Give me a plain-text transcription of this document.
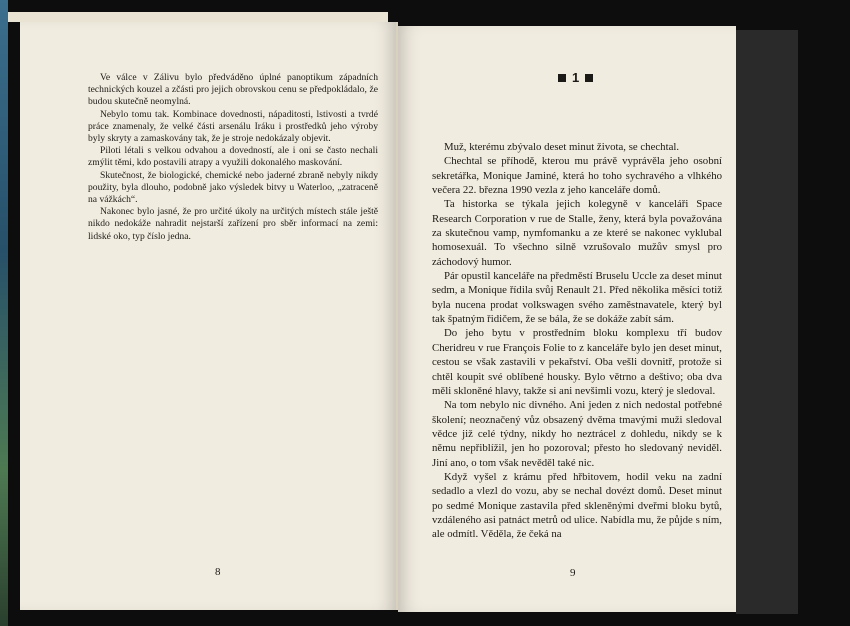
Ve válce v Zálivu bylo předváděno úplné panoptikum západních technických kouzel a zčásti pro jejich obrovskou cenu se předpokládalo, že budou skutečně neomylná.

Nebylo tomu tak. Kombinace dovednosti, nápaditosti, lstivosti a tvrdé práce znamenaly, že velké části arsenálu Iráku i prostředků jeho výroby byly skryty a zamaskovány tak, že je stroje nedokázaly objevit.

Piloti létali s velkou odvahou a dovedností, ale i oni se často nechali zmýlit těmi, kdo postavili atrapy a využili dokonalého maskování.

Skutečnost, že biologické, chemické nebo jaderné zbraně nebyly nikdy použity, byla dlouho, podobně jako výsledek bitvy u Waterloo, „zatraceně na vážkách“.

Nakonec bylo jasné, že pro určité úkoly na určitých místech stále ještě nikdo nedokáže nahradit nejstarší zařízení pro sběr informací na zemi: lidské oko, typ číslo jedna.

8
1

Muž, kterému zbývalo deset minut života, se chechtal.

Chechtal se příhodě, kterou mu právě vyprávěla jeho osobní sekretářka, Monique Jaminé, která ho toho sychravého a vlhkého večera 22. března 1990 vezla z jeho kanceláře domů.

Ta historka se týkala jejich kolegyně v kanceláři Space Research Corporation v rue de Stalle, ženy, která byla považována za skutečnou vamp, nymfomanku a ze které se nakonec vyklubal homosexuál. To všechno silně vzrušovalo mužův smysl pro záchodový humor.

Pár opustil kanceláře na předměstí Bruselu Uccle za deset minut sedm, a Monique řídila svůj Renault 21. Před několika měsíci totiž byla nucena prodat volkswagen svého zaměstnavatele, který byl tak špatným řidičem, že se bála, že se dokáže zabít sám.

Do jeho bytu v prostředním bloku komplexu tří budov Cheridreu v rue François Folie to z kanceláře bylo jen deset minut, cestou se však zastavili v pekařství. Oba vešli dovnitř, protože si chtěl koupit své oblíbené housky. Bylo větrno a deštivo; oba dva měli skloněné hlavy, takže si ani nevšimli vozu, který je sledoval.

Na tom nebylo nic divného. Ani jeden z nich nedostal potřebné školení; neoznačený vůz obsazený dvěma tmavými muži sledoval vědce již celé týdny, nikdy ho neztrácel z dohledu, nikdy se k němu nepřiblížil, jen ho pozoroval; přesto ho sledovaný neviděl. Jiní ano, o tom však nevěděl také nic.

Když vyšel z krámu před hřbitovem, hodil veku na zadní sedadlo a vlezl do vozu, aby se nechal dovézt domů. Deset minut po sedmé Monique zastavila před skleněnými dveřmi bloku bytů, vzdáleného asi patnáct metrů od ulice. Nabídla mu, že půjde s ním, ale odmítl. Věděla, že čeká na

9
